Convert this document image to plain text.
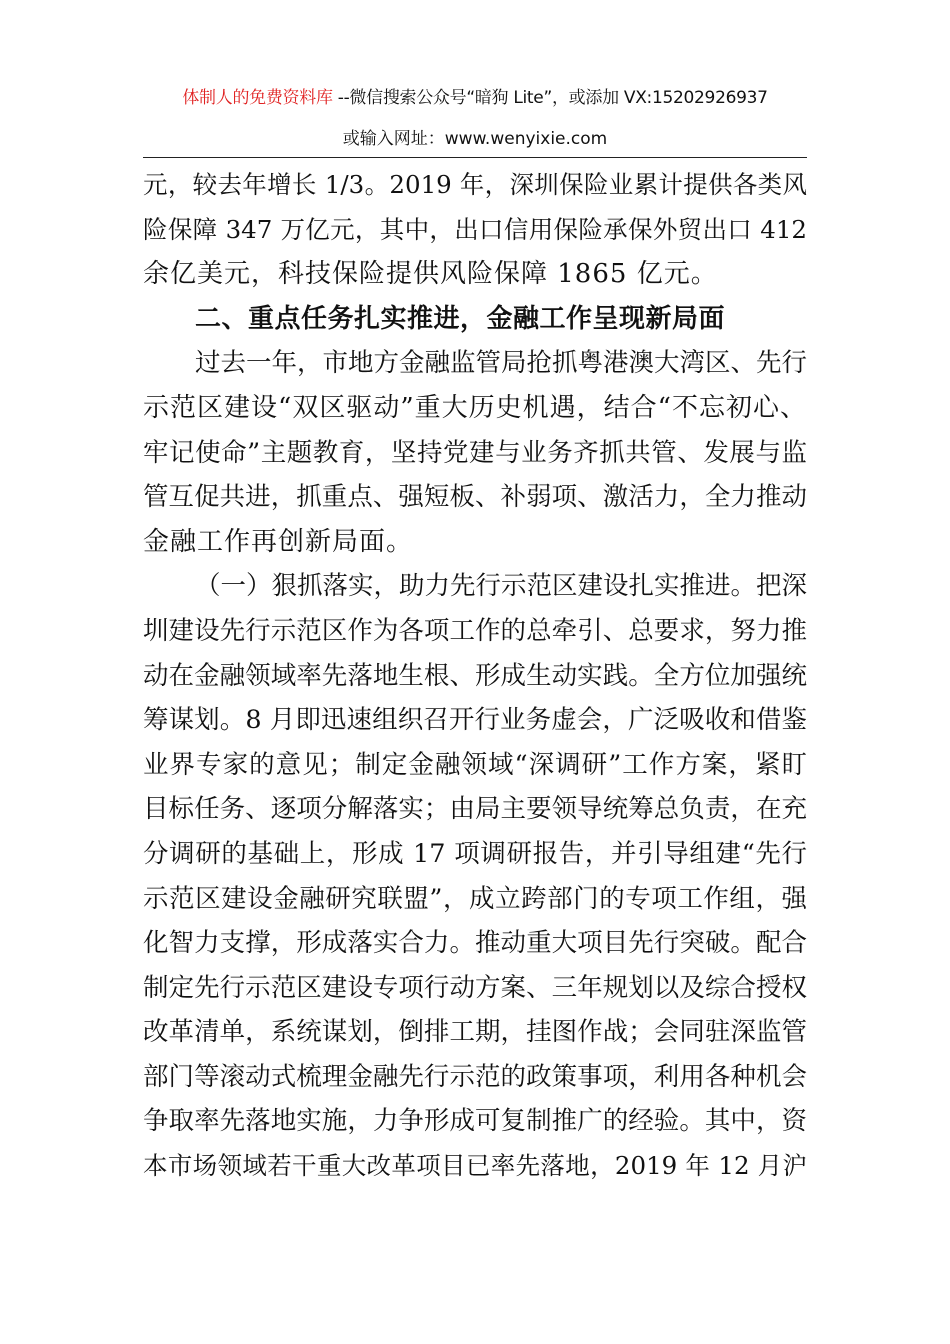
体制人的免费资料库 --微信搜索公众号“暗狗 Lite”，或添加 VX:15202926937
或输入网址：www.wenyixie.com
元，较去年增长 1/3。2019 年，深圳保险业累计提供各类风
险保障 347 万亿元，其中，出口信用保险承保外贸出口 412
余亿美元，科技保险提供风险保障 1865 亿元。
二、重点任务扎实推进，金融工作呈现新局面
过去一年，市地方金融监管局抢抓粤港澳大湾区、先行
示范区建设“双区驱动”重大历史机遇，结合“不忘初心、
牢记使命”主题教育，坚持党建与业务齐抓共管、发展与监
管互促共进，抓重点、强短板、补弱项、激活力，全力推动
金融工作再创新局面。
（一）狠抓落实，助力先行示范区建设扎实推进。把深
圳建设先行示范区作为各项工作的总牵引、总要求，努力推
动在金融领域率先落地生根、形成生动实践。全方位加强统
筹谋划。8 月即迅速组织召开行业务虚会，广泛吸收和借鉴
业界专家的意见；制定金融领域“深调研”工作方案，紧盯
目标任务、逐项分解落实；由局主要领导统筹总负责，在充
分调研的基础上，形成 17 项调研报告，并引导组建“先行
示范区建设金融研究联盟”，成立跨部门的专项工作组，强
化智力支撑，形成落实合力。推动重大项目先行突破。配合
制定先行示范区建设专项行动方案、三年规划以及综合授权
改革清单，系统谋划，倒排工期，挂图作战；会同驻深监管
部门等滚动式梳理金融先行示范的政策事项，利用各种机会
争取率先落地实施，力争形成可复制推广的经验。其中，资
本市场领域若干重大改革项目已率先落地，2019 年 12 月沪
